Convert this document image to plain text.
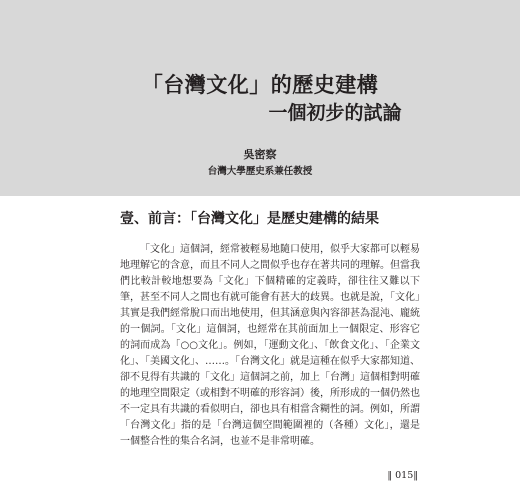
「台灣文化」的歷史建構
一個初步的試論
吳密察
台灣大學歷史系兼任教授
壹、前言：「台灣文化」是歷史建構的結果

「文化」這個詞，經常被輕易地隨口使用，似乎大家都可以輕易地理解它的含意，而且不同人之間似乎也存在著共同的理解。但當我們比較計較地想要為「文化」下個精確的定義時，卻往往又難以下筆，甚至不同人之間也有就可能會有甚大的歧異。也就是說，「文化」其實是我們經常脫口而出地使用，但其涵意與內容卻甚為混沌、龐統的一個詞。「文化」這個詞，也經常在其前面加上一個限定、形容它的詞而成為「○○文化」。例如，「運動文化」、「飲食文化」、「企業文化」、「美國文化」、……。「台灣文化」就是這種在似乎大家都知道、卻不見得有共識的「文化」這個詞之前，加上「台灣」這個相對明確的地理空間限定（或相對不明確的形容詞）後，所形成的一個仍然也不一定具有共識的看似明白，卻也具有相當含糊性的詞。例如，所謂「台灣文化」指的是「台灣這個空間範圍裡的（各種）文化」，還是一個整合性的集合名詞，也並不是非常明確。

‖ 015‖
